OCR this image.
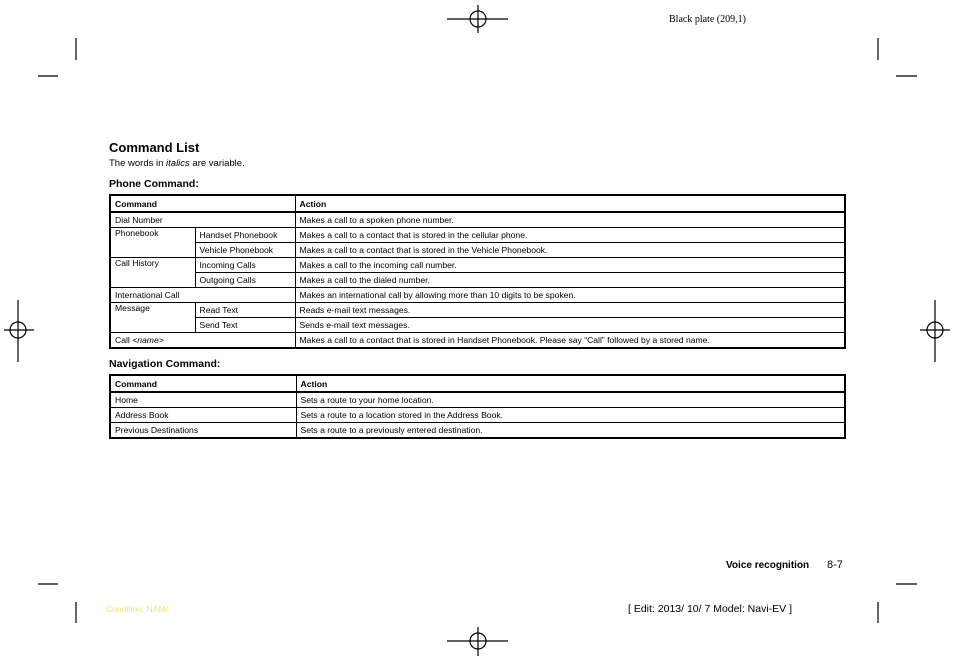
Black plate (209,1)
Command List
The words in italics are variable.
Phone Command:
Command		Action
Dial Number		Makes a call to a spoken phone number.
Phonebook	Handset Phonebook	Makes a call to a contact that is stored in the cellular phone.
	Vehicle Phonebook	Makes a call to a contact that is stored in the Vehicle Phonebook.
Call History	Incoming Calls	Makes a call to the incoming call number.
	Outgoing Calls	Makes a call to the dialed number.
International Call		Makes an international call by allowing more than 10 digits to be spoken.
Message	Read Text	Reads e-mail text messages.
	Send Text	Sends e-mail text messages.
Call <name>		Makes a call to a contact that is stored in Handset Phonebook. Please say “Call” followed by a stored name.
Navigation Command:
Command	Action
Home	Sets a route to your home location.
Address Book	Sets a route to a location stored in the Address Book.
Previous Destinations	Sets a route to a previously entered destination.
Voice recognition 8-7
Condition: NAM/	[ Edit: 2013/ 10/ 7 Model: Navi-EV ]
